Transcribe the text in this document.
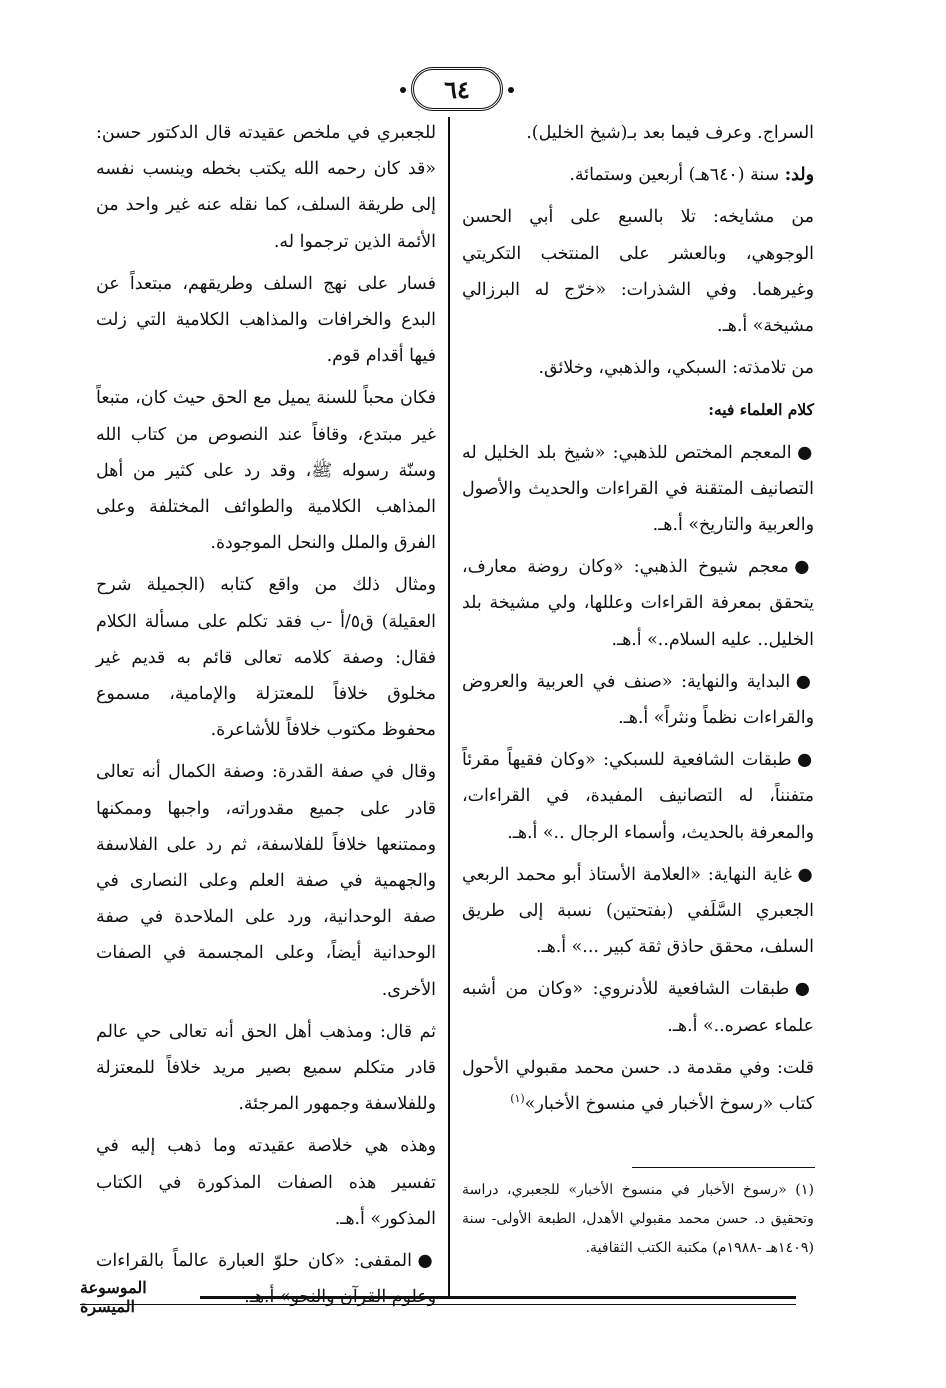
٦٤

السراج. وعرف فيما بعد بـ(شيخ الخليل).

ولد: سنة (٦٤٠هـ) أربعين وستمائة.

من مشايخه: تلا بالسبع على أبي الحسن الوجوهي، وبالعشر على المنتخب التكريتي وغيرهما. وفي الشذرات: «خرّج له البرزالي مشيخة» أ.هـ.

من تلامذته: السبكي، والذهبي، وخلائق.

كلام العلماء فيه:

● المعجم المختص للذهبي: «شيخ بلد الخليل له التصانيف المتقنة في القراءات والحديث والأصول والعربية والتاريخ» أ.هـ.

● معجم شيوخ الذهبي: «وكان روضة معارف، يتحقق بمعرفة القراءات وعللها، ولي مشيخة بلد الخليل.. عليه السلام..» أ.هـ.

● البداية والنهاية: «صنف في العربية والعروض والقراءات نظماً ونثراً» أ.هـ.

● طبقات الشافعية للسبكي: «وكان فقيهاً مقرئاً متفنناً، له التصانيف المفيدة، في القراءات، والمعرفة بالحديث، وأسماء الرجال ..» أ.هـ.

● غاية النهاية: «العلامة الأستاذ أبو محمد الربعي الجعبري السَّلَفي (بفتحتين) نسبة إلى طريق السلف، محقق حاذق ثقة كبير ...» أ.هـ.

● طبقات الشافعية للأدنروي: «وكان من أشبه علماء عصره..» أ.هـ.

قلت: وفي مقدمة د. حسن محمد مقبولي الأحول كتاب «رسوخ الأخبار في منسوخ الأخبار»$^{(١)}$

للجعبري في ملخص عقيدته قال الدكتور حسن: «قد كان رحمه الله يكتب بخطه وينسب نفسه إلى طريقة السلف، كما نقله عنه غير واحد من الأئمة الذين ترجموا له.

فسار على نهج السلف وطريقهم، مبتعداً عن البدع والخرافات والمذاهب الكلامية التي زلت فيها أقدام قوم.

فكان محباً للسنة يميل مع الحق حيث كان، متبعاً غير مبتدع، وقافاً عند النصوص من كتاب الله وسنّة رسوله ﷺ، وقد رد على كثير من أهل المذاهب الكلامية والطوائف المختلفة وعلى الفرق والملل والنحل الموجودة.

ومثال ذلك من واقع كتابه (الجميلة شرح العقيلة) ق٥/أ -ب فقد تكلم على مسألة الكلام فقال: وصفة كلامه تعالى قائم به قديم غير مخلوق خلافاً للمعتزلة والإمامية، مسموع محفوظ مكتوب خلافاً للأشاعرة.

وقال في صفة القدرة: وصفة الكمال أنه تعالى قادر على جميع مقدوراته، واجبها وممكنها وممتنعها خلافاً للفلاسفة، ثم رد على الفلاسفة والجهمية في صفة العلم وعلى النصارى في صفة الوحدانية، ورد على الملاحدة في صفة الوحدانية أيضاً، وعلى المجسمة في الصفات الأخرى.

ثم قال: ومذهب أهل الحق أنه تعالى حي عالم قادر متكلم سميع بصير مريد خلافاً للمعتزلة وللفلاسفة وجمهور المرجئة.

وهذه هي خلاصة عقيدته وما ذهب إليه في تفسير هذه الصفات المذكورة في الكتاب المذكور» أ.هـ.

● المقفى: «كان حلوّ العبارة عالماً بالقراءات وعلوم القرآن والنحو» أ.هـ.

(١) «رسوخ الأخبار في منسوخ الأخبار» للجعبري، دراسة وتحقيق د. حسن محمد مقبولي الأهدل، الطبعة الأولى- سنة (١٤٠٩هـ -١٩٨٨م) مكتبة الكتب الثقافية.

الموسوعة الميسرة
